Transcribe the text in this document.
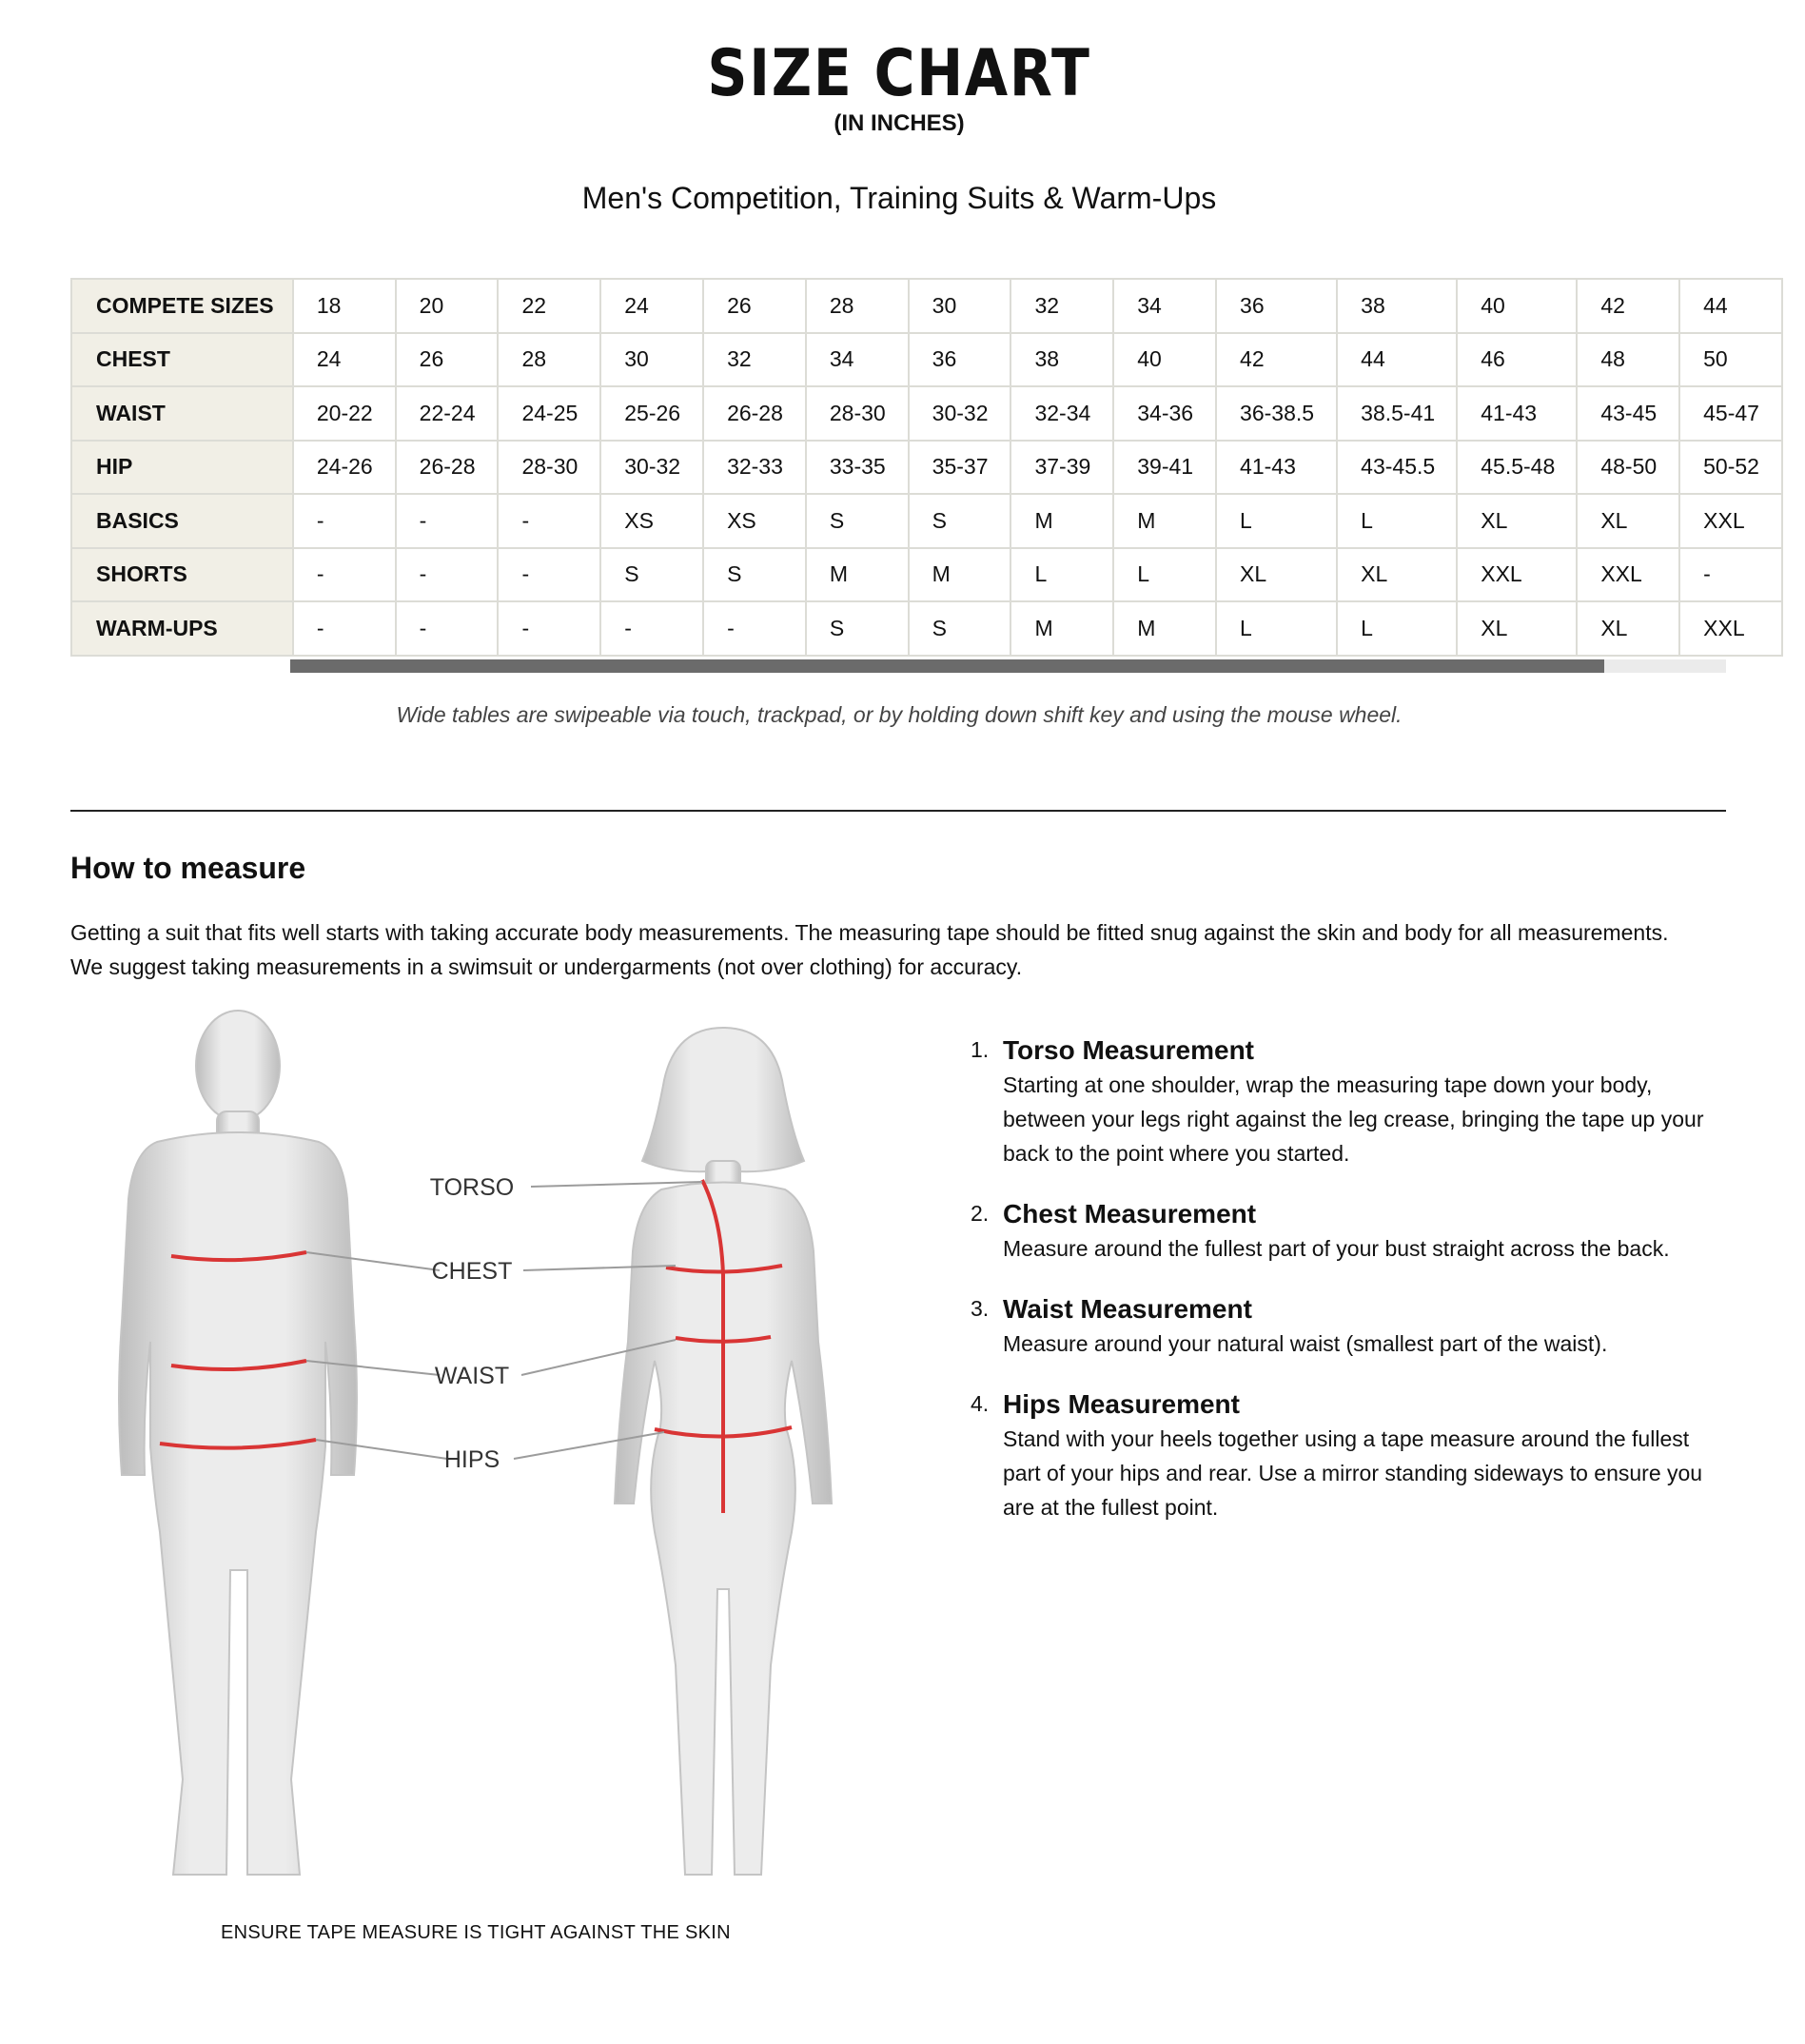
SIZE CHART
(IN INCHES)
Men's Competition, Training Suits & Warm-Ups
COMPETE SIZES	18	20	22	24	26	28	30	32	34	36	38	40	42	44
CHEST	24	26	28	30	32	34	36	38	40	42	44	46	48	50
WAIST	20-22	22-24	24-25	25-26	26-28	28-30	30-32	32-34	34-36	36-38.5	38.5-41	41-43	43-45	45-47
HIP	24-26	26-28	28-30	30-32	32-33	33-35	35-37	37-39	39-41	41-43	43-45.5	45.5-48	48-50	50-52
BASICS	-	-	-	XS	XS	S	S	M	M	L	L	XL	XL	XXL
SHORTS	-	-	-	S	S	M	M	L	L	XL	XL	XXL	XXL	-
WARM-UPS	-	-	-	-	-	S	S	M	M	L	L	XL	XL	XXL
Wide tables are swipeable via touch, trackpad, or by holding down shift key and using the mouse wheel.
How to measure
Getting a suit that fits well starts with taking accurate body measurements. The measuring tape should be fitted snug against the skin and body for all measurements. We suggest taking measurements in a swimsuit or undergarments (not over clothing) for accuracy.
TORSO
CHEST
WAIST
HIPS
ENSURE TAPE MEASURE IS TIGHT AGAINST THE SKIN
1. Torso Measurement
Starting at one shoulder, wrap the measuring tape down your body, between your legs right against the leg crease, bringing the tape up your back to the point where you started.
2. Chest Measurement
Measure around the fullest part of your bust straight across the back.
3. Waist Measurement
Measure around your natural waist (smallest part of the waist).
4. Hips Measurement
Stand with your heels together using a tape measure around the fullest part of your hips and rear. Use a mirror standing sideways to ensure you are at the fullest point.
